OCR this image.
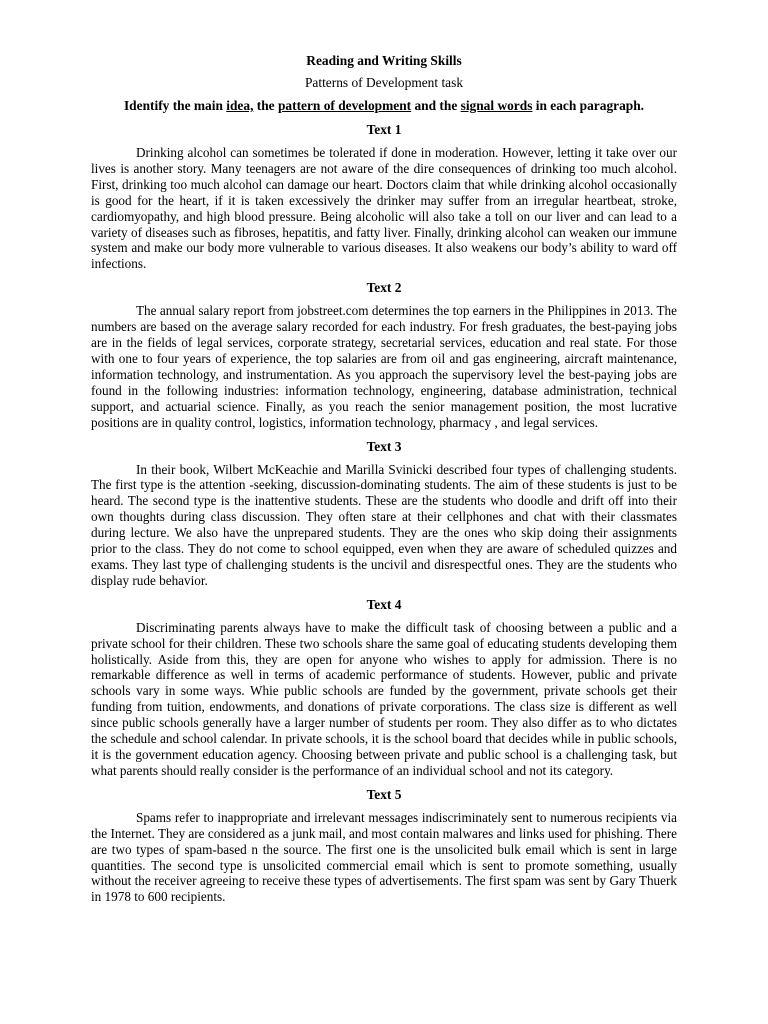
Reading and Writing Skills
Patterns of Development task
Identify the main idea, the pattern of development and the signal words in each paragraph.
Text 1

Drinking alcohol can sometimes be tolerated if done in moderation. However, letting it take over our lives is another story. Many teenagers are not aware of the dire consequences of drinking too much alcohol. First, drinking too much alcohol can damage our heart. Doctors claim that while drinking alcohol occasionally is good for the heart, if it is taken excessively the drinker may suffer from an irregular heartbeat, stroke, cardiomyopathy, and high blood pressure. Being alcoholic will also take a toll on our liver and can lead to a variety of diseases such as fibroses, hepatitis, and fatty liver. Finally, drinking alcohol can weaken our immune system and make our body more vulnerable to various diseases. It also weakens our body’s ability to ward off infections.

Text 2

The annual salary report from jobstreet.com determines the top earners in the Philippines in 2013. The numbers are based on the average salary recorded for each industry. For fresh graduates, the best-paying jobs are in the fields of legal services, corporate strategy, secretarial services, education and real state. For those with one to four years of experience, the top salaries are from oil and gas engineering, aircraft maintenance, information technology, and instrumentation. As you approach the supervisory level the best-paying jobs are found in the following industries: information technology, engineering, database administration, technical support, and actuarial science. Finally, as you reach the senior management position, the most lucrative positions are in quality control, logistics, information technology, pharmacy , and legal services.

Text 3

In their book, Wilbert McKeachie and Marilla Svinicki described four types of challenging students. The first type is the attention -seeking, discussion-dominating students. The aim of these students is just to be heard. The second type is the inattentive students. These are the students who doodle and drift off into their own thoughts during class discussion. They often stare at their cellphones and chat with their classmates during lecture. We also have the unprepared students. They are the ones who skip doing their assignments prior to the class. They do not come to school equipped, even when they are aware of scheduled quizzes and exams. They last type of challenging students is the uncivil and disrespectful ones. They are the students who display rude behavior.

Text 4

Discriminating parents always have to make the difficult task of choosing between a public and a private school for their children. These two schools share the same goal of educating students developing them holistically. Aside from this, they are open for anyone who wishes to apply for admission. There is no remarkable difference as well in terms of academic performance of students. However, public and private schools vary in some ways. Whie public schools are funded by the government, private schools get their funding from tuition, endowments, and donations of private corporations. The class size is different as well since public schools generally have a larger number of students per room. They also differ as to who dictates the schedule and school calendar. In private schools, it is the school board that decides while in public schools, it is the government education agency. Choosing between private and public school is a challenging task, but what parents should really consider is the performance of an individual school and not its category.

Text 5

Spams refer to inappropriate and irrelevant messages indiscriminately sent to numerous recipients via the Internet. They are considered as a junk mail, and most contain malwares and links used for phishing. There are two types of spam-based n the source. The first one is the unsolicited bulk email which is sent in large quantities. The second type is unsolicited commercial email which is sent to promote something, usually without the receiver agreeing to receive these types of advertisements. The first spam was sent by Gary Thuerk in 1978 to 600 recipients.
